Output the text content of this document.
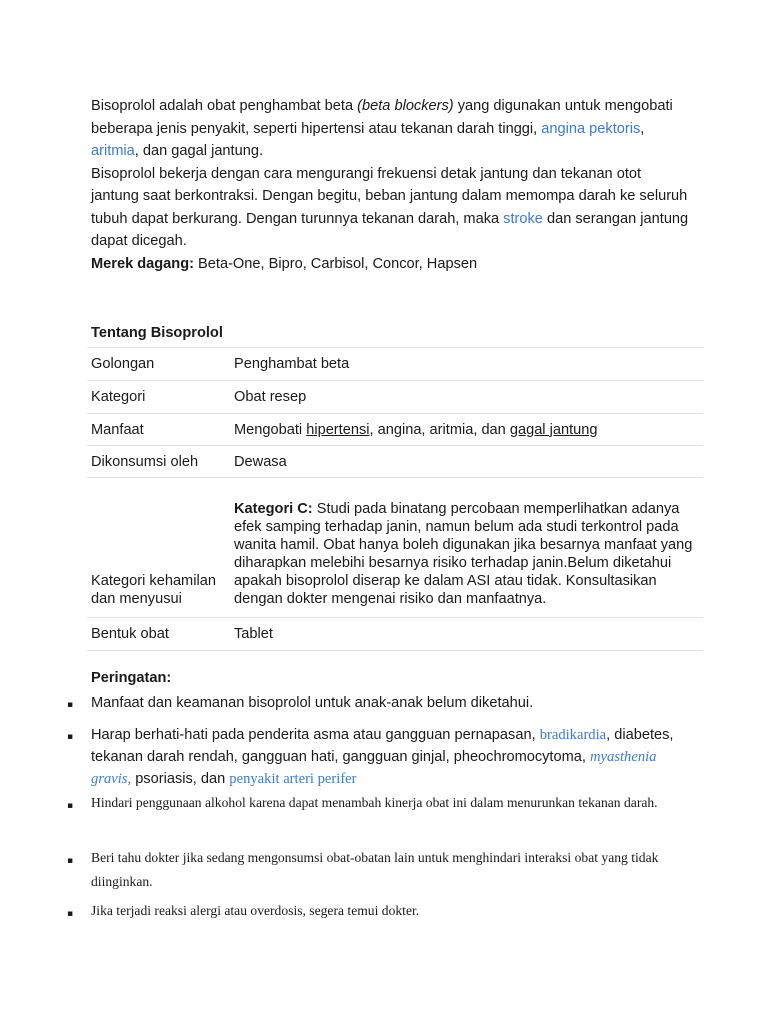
Bisoprolol adalah obat penghambat beta (beta blockers) yang digunakan untuk mengobati beberapa jenis penyakit, seperti hipertensi atau tekanan darah tinggi, angina pektoris, aritmia, dan gagal jantung.

Bisoprolol bekerja dengan cara mengurangi frekuensi detak jantung dan tekanan otot jantung saat berkontraksi. Dengan begitu, beban jantung dalam memompa darah ke seluruh tubuh dapat berkurang. Dengan turunnya tekanan darah, maka stroke dan serangan jantung dapat dicegah.

Merek dagang: Beta-One, Bipro, Carbisol, Concor, Hapsen

Tentang Bisoprolol
Golongan	Penghambat beta
Kategori	Obat resep
Manfaat	Mengobati hipertensi, angina, aritmia, dan gagal jantung
Dikonsumsi oleh	Dewasa
Kategori kehamilan dan menyusui	Kategori C: Studi pada binatang percobaan memperlihatkan adanya efek samping terhadap janin, namun belum ada studi terkontrol pada wanita hamil. Obat hanya boleh digunakan jika besarnya manfaat yang diharapkan melebihi besarnya risiko terhadap janin.Belum diketahui apakah bisoprolol diserap ke dalam ASI atau tidak. Konsultasikan dengan dokter mengenai risiko dan manfaatnya.
Bentuk obat	Tablet
Peringatan:
▪ Manfaat dan keamanan bisoprolol untuk anak-anak belum diketahui.
▪ Harap berhati-hati pada penderita asma atau gangguan pernapasan, bradikardia, diabetes, tekanan darah rendah, gangguan hati, gangguan ginjal, pheochromocytoma, myasthenia gravis, psoriasis, dan penyakit arteri perifer
▪ Hindari penggunaan alkohol karena dapat menambah kinerja obat ini dalam menurunkan tekanan darah.
▪ Beri tahu dokter jika sedang mengonsumsi obat-obatan lain untuk menghindari interaksi obat yang tidak diinginkan.
▪ Jika terjadi reaksi alergi atau overdosis, segera temui dokter.
